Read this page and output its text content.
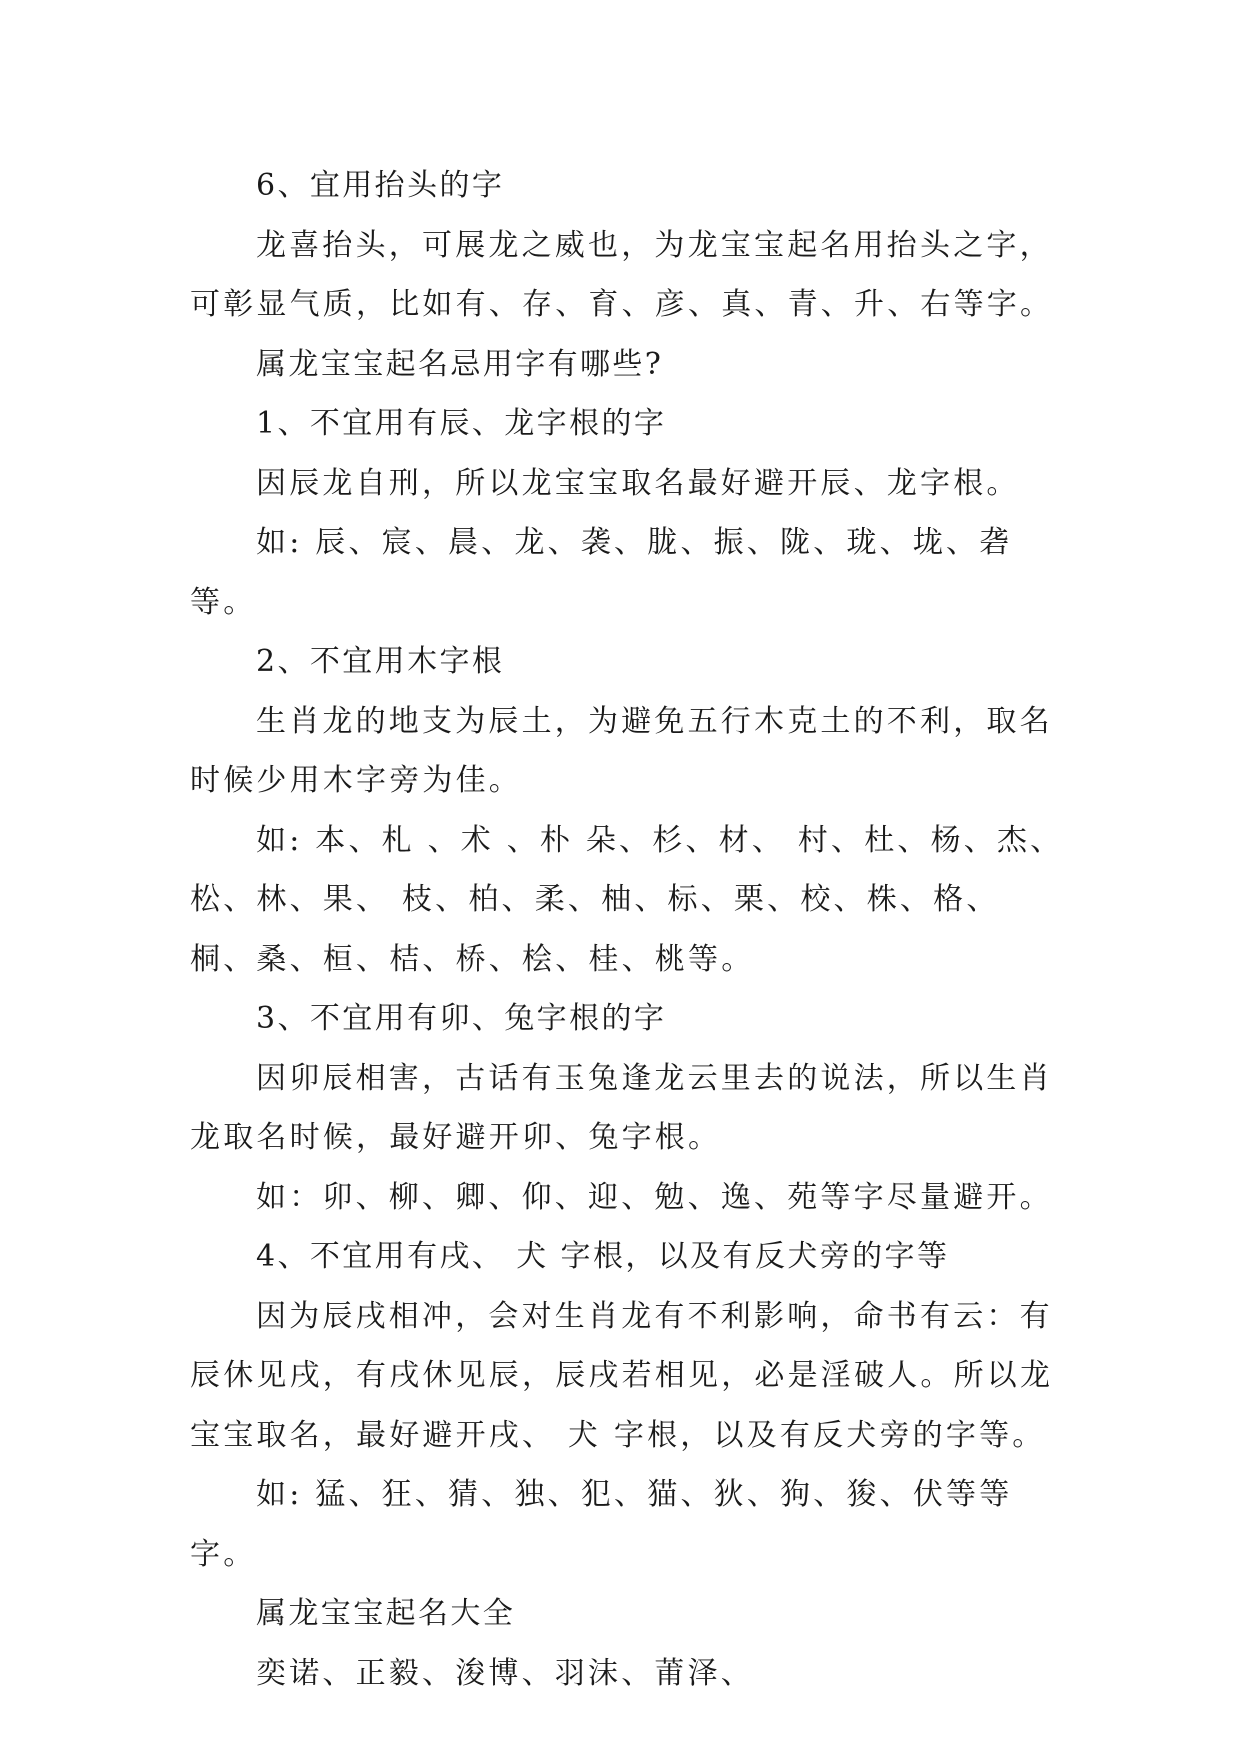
6、宜用抬头的字

龙喜抬头，可展龙之威也，为龙宝宝起名用抬头之字，可彰显气质，比如有、存、育、彦、真、青、升、右等字。

属龙宝宝起名忌用字有哪些?

1、不宜用有辰、龙字根的字

因辰龙自刑，所以龙宝宝取名最好避开辰、龙字根。

如: 辰、宸、晨、龙、袭、胧、振、陇、珑、垅、砻等。

2、不宜用木字根

生肖龙的地支为辰土，为避免五行木克土的不利，取名时候少用木字旁为佳。

如: 本、札 、术 、朴 朵、杉、材、 村、杜、杨、杰、松、林、果、 枝、柏、柔、柚、标、栗、校、株、格、 桐、桑、桓、桔、桥、桧、桂、桃等。

3、不宜用有卯、兔字根的字

因卯辰相害，古话有玉兔逢龙云里去的说法，所以生肖龙取名时候，最好避开卯、兔字根。

如：卯、柳、卿、仰、迎、勉、逸、苑等字尽量避开。

4、不宜用有戌、 犬 字根，以及有反犬旁的字等

因为辰戌相冲，会对生肖龙有不利影响，命书有云：有辰休见戌，有戌休见辰，辰戌若相见，必是淫破人。所以龙宝宝取名，最好避开戌、 犬 字根，以及有反犬旁的字等。

如: 猛、狂、猜、独、犯、猫、狄、狗、狻、伏等等字。

属龙宝宝起名大全

奕诺、正毅、浚博、羽沫、莆泽、
